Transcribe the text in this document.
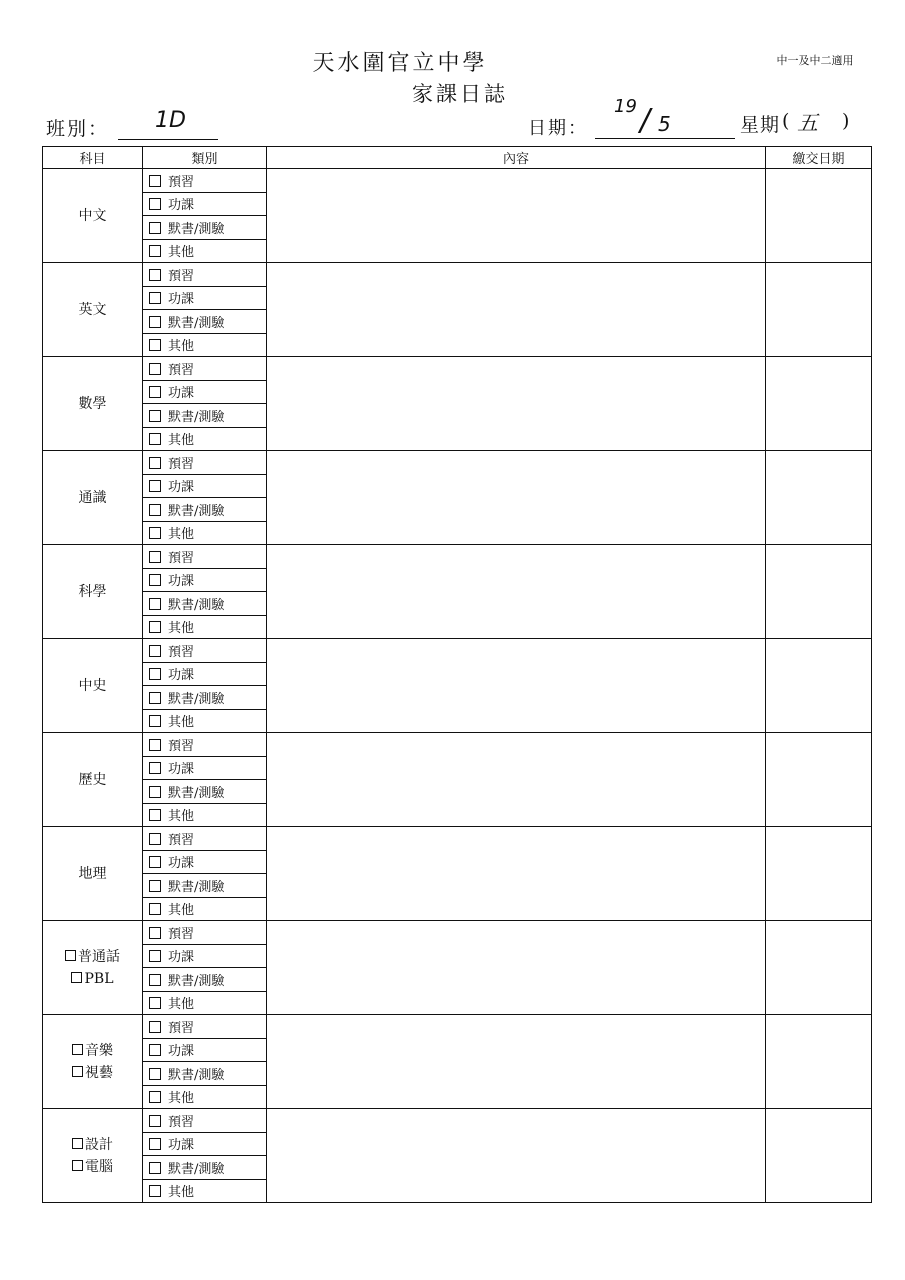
天水圍官立中學
家課日誌
中一及中二適用
班別： 1D	日期：
19 / 5	星期 ( 五 )
科目	類別	內容	繳交日期
中文	預習		
	功課		
	默書/測驗		
	其他		
英文	預習		
	功課		
	默書/測驗		
	其他		
數學	預習		
	功課		
	默書/測驗		
	其他		
通識	預習		
	功課		
	默書/測驗		
	其他		
科學	預習		
	功課		
	默書/測驗		
	其他		
中史	預習		
	功課		
	默書/測驗		
	其他		
歷史	預習		
	功課		
	默書/測驗		
	其他		
地理	預習		
	功課		
	默書/測驗		
	其他		

普通話
PBL	預習		
	功課		
	默書/測驗		
	其他		

音樂
視藝	預習		
	功課		
	默書/測驗		
	其他		

設計
電腦	預習		
	功課		
	默書/測驗		
	其他		
